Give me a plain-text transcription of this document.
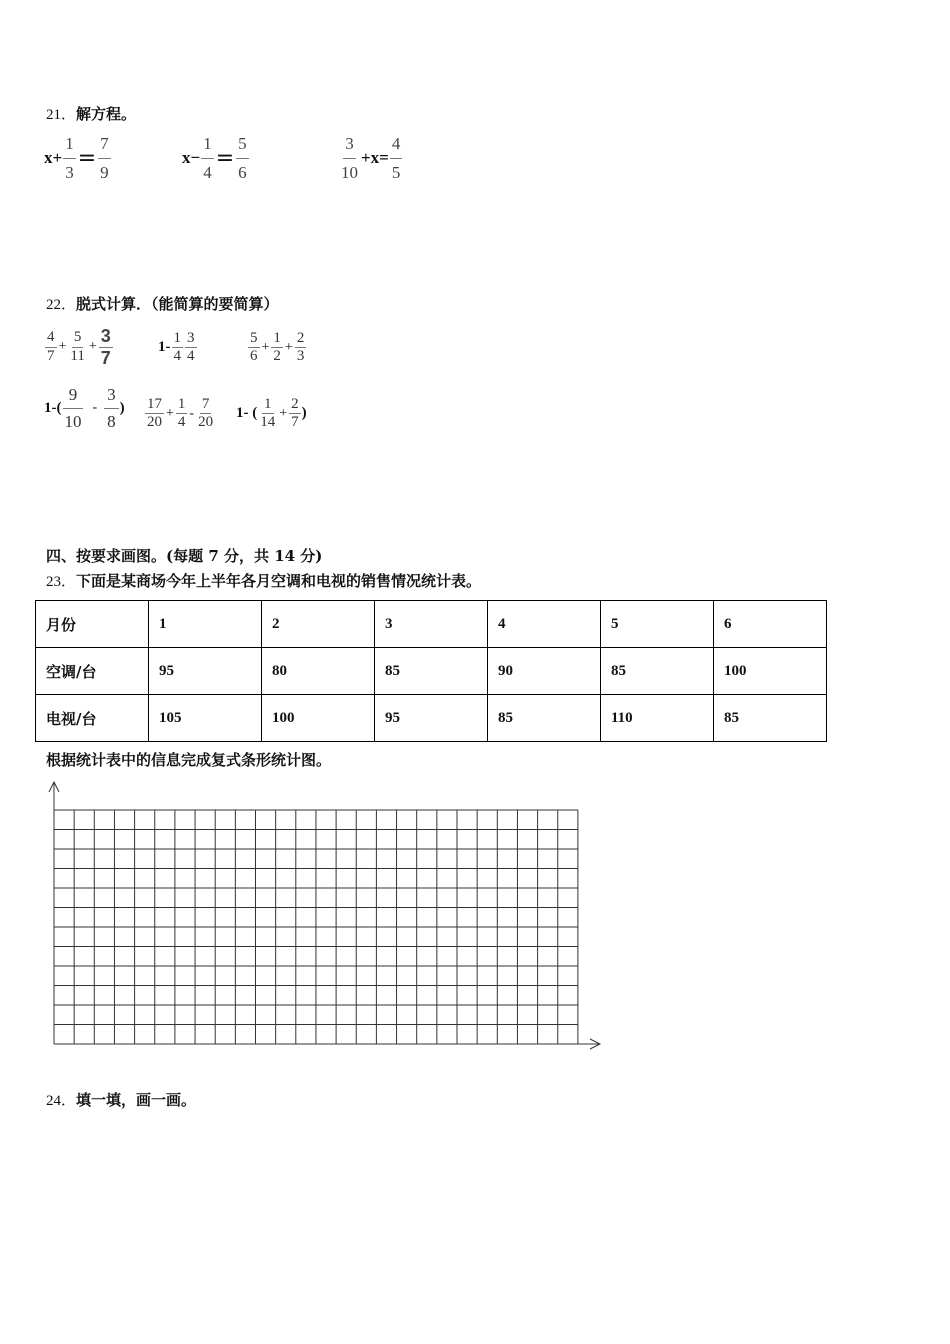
21．解方程。
$x+ \frac{1}{3} = \frac{7}{9}$	$x- \frac{1}{4} = \frac{5}{6}$	$\frac{3}{10} +x= \frac{4}{5}$
22．脱式计算．（能简算的要简算）
$\frac{4}{7} + \frac{5}{11} + \frac{3}{7}$	$1- \frac{1}{4} \frac{3}{4}$	$\frac{5}{6} + \frac{1}{2} + \frac{2}{3}$
$1-( \frac{9}{10} - \frac{3}{8}$ ) $\frac{17}{20} + \frac{1}{4} - \frac{7}{20} 1-$ ( $\frac{1}{14} + \frac{2}{7}$ )
四、按要求画图。(每题 7 分，共 14 分)
23．下面是某商场今年上半年各月空调和电视的销售情况统计表。
月份	1	2	3	4	5	6
空调/台	95	80	85	90	85	100
电视/台	105	100	95	85	110	85
根据统计表中的信息完成复式条形统计图。
24．填一填，画一画。
